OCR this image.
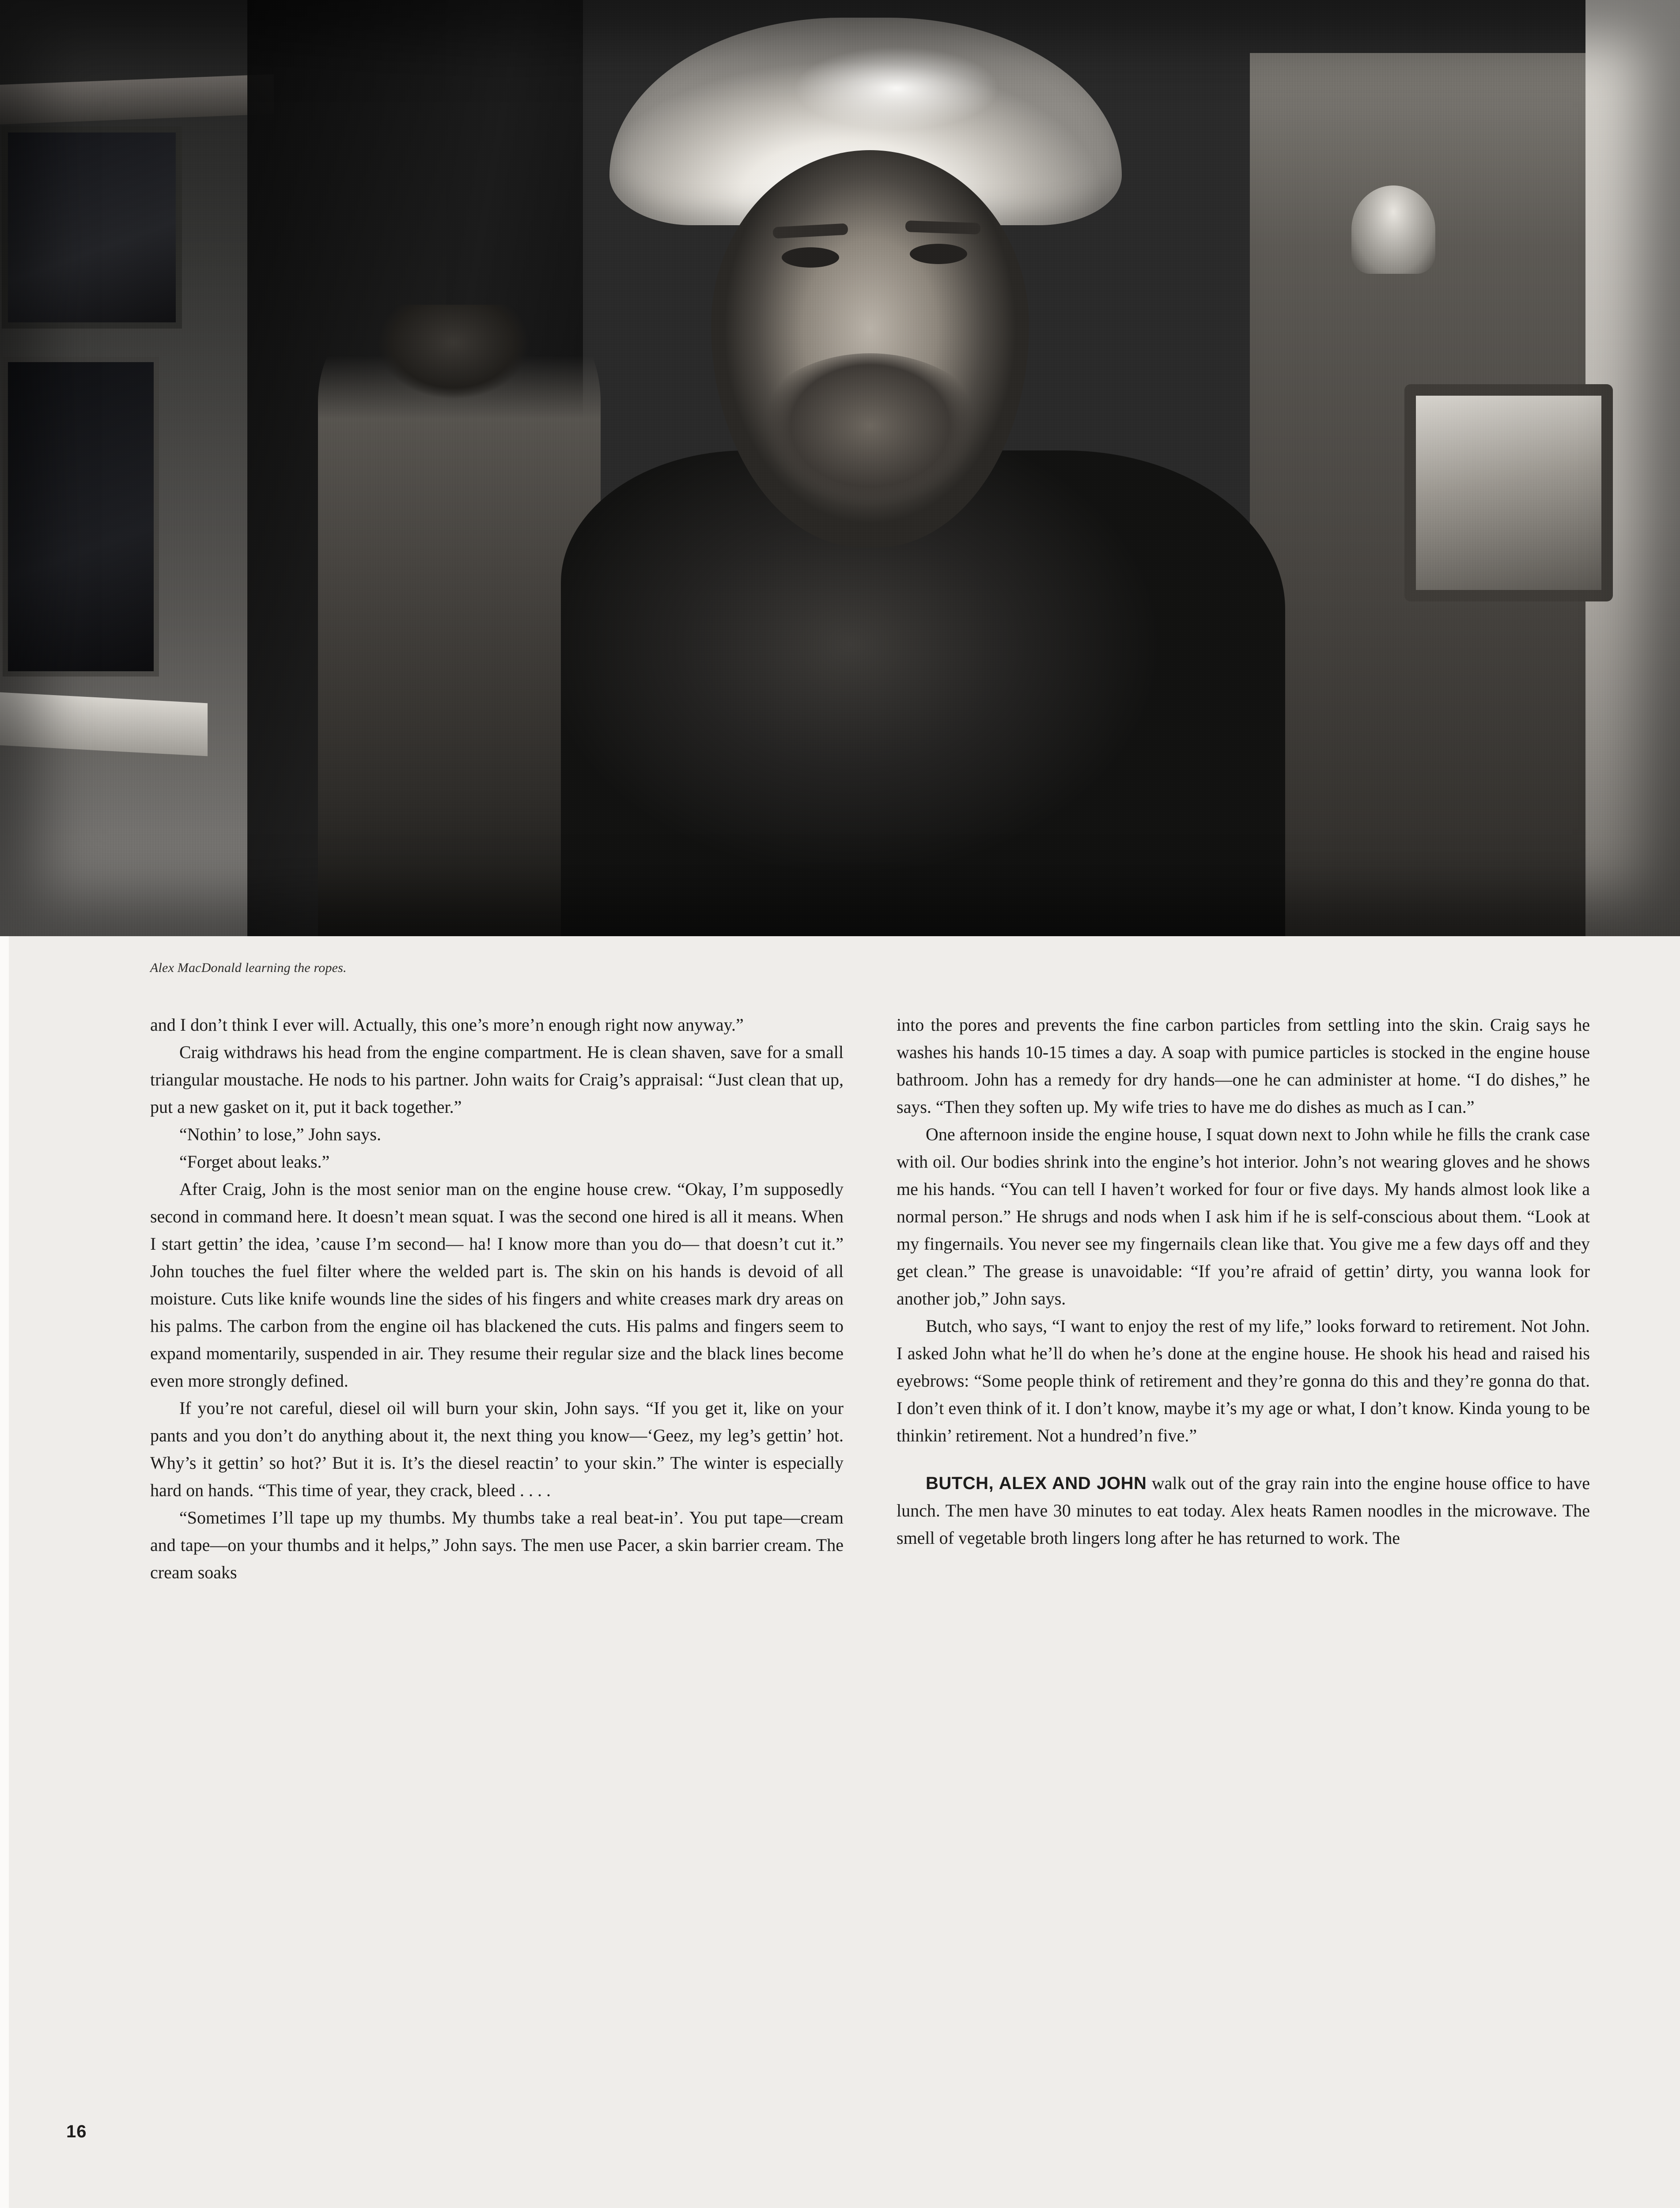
Alex MacDonald learning the ropes.

and I don’t think I ever will. Actually, this one’s more’n enough right now anyway.”

Craig withdraws his head from the engine compartment. He is clean shaven, save for a small triangular moustache. He nods to his partner. John waits for Craig’s appraisal: “Just clean that up, put a new gasket on it, put it back together.”

“Nothin’ to lose,” John says.

“Forget about leaks.”

After Craig, John is the most senior man on the engine house crew. “Okay, I’m supposedly second in command here. It doesn’t mean squat. I was the second one hired is all it means. When I start gettin’ the idea, ’cause I’m second— ha! I know more than you do— that doesn’t cut it.” John touches the fuel filter where the welded part is. The skin on his hands is devoid of all moisture. Cuts like knife wounds line the sides of his fingers and white creases mark dry areas on his palms. The carbon from the engine oil has blackened the cuts. His palms and fingers seem to expand momentarily, suspended in air. They resume their regular size and the black lines become even more strongly defined.

If you’re not careful, diesel oil will burn your skin, John says. “If you get it, like on your pants and you don’t do anything about it, the next thing you know—‘Geez, my leg’s gettin’ hot. Why’s it gettin’ so hot?’ But it is. It’s the diesel reactin’ to your skin.” The winter is especially hard on hands. “This time of year, they crack, bleed . . . .

“Sometimes I’ll tape up my thumbs. My thumbs take a real beat-in’. You put tape—cream and tape—on your thumbs and it helps,” John says. The men use Pacer, a skin barrier cream. The cream soaks

into the pores and prevents the fine carbon particles from settling into the skin. Craig says he washes his hands 10-15 times a day. A soap with pumice particles is stocked in the engine house bathroom. John has a remedy for dry hands—one he can administer at home. “I do dishes,” he says. “Then they soften up. My wife tries to have me do dishes as much as I can.”

One afternoon inside the engine house, I squat down next to John while he fills the crank case with oil. Our bodies shrink into the engine’s hot interior. John’s not wearing gloves and he shows me his hands. “You can tell I haven’t worked for four or five days. My hands almost look like a normal person.” He shrugs and nods when I ask him if he is self-conscious about them. “Look at my fingernails. You never see my fingernails clean like that. You give me a few days off and they get clean.” The grease is unavoidable: “If you’re afraid of gettin’ dirty, you wanna look for another job,” John says.

Butch, who says, “I want to enjoy the rest of my life,” looks forward to retirement. Not John. I asked John what he’ll do when he’s done at the engine house. He shook his head and raised his eyebrows: “Some people think of retirement and they’re gonna do this and they’re gonna do that. I don’t even think of it. I don’t know, maybe it’s my age or what, I don’t know. Kinda young to be thinkin’ retirement. Not a hundred’n five.”

BUTCH, ALEX AND JOHN walk out of the gray rain into the engine house office to have lunch. The men have 30 minutes to eat today. Alex heats Ramen noodles in the microwave. The smell of vegetable broth lingers long after he has returned to work. The

16
